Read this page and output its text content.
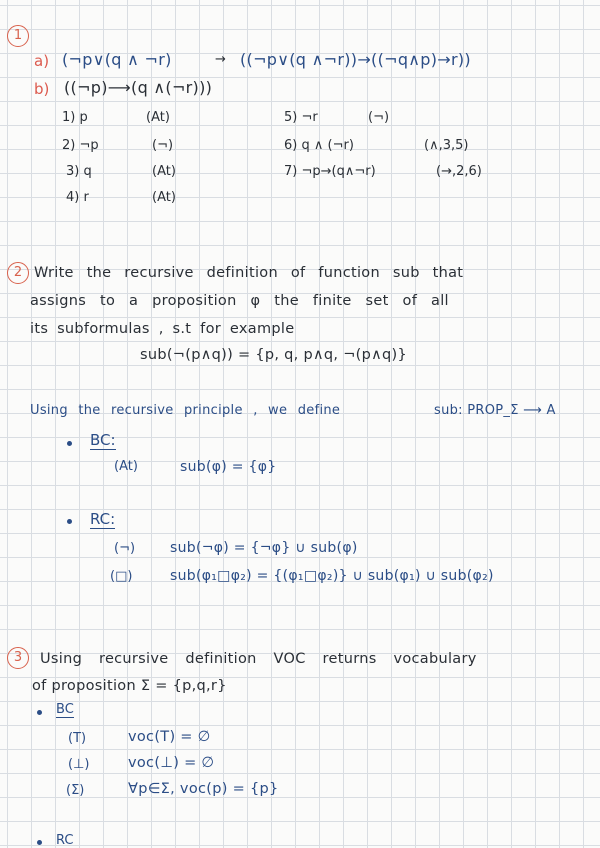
1
a) (¬p∨(q ∧ ¬r)	→ ((¬p∨(q ∧¬r))→((¬q∧p)→r))
b) ((¬p)⟶(q ∧(¬r)))
1) p	(At)
2) ¬p	(¬)
3) q	(At)
4) r	(At)
5) ¬r	(¬)
6) q ∧ (¬r)	(∧,3,5)
7) ¬p→(q∧¬r)	(→,2,6)
2 Write the recursive definition of function sub that
assigns to a proposition φ the finite set of all
its subformulas , s.t for example
sub(¬(p∧q)) = {p, q, p∧q, ¬(p∧q)}
Using the recursive principle , we define	sub: PROP_Σ ⟶ A
BC:
(At)	sub(φ) = {φ}
RC:
(¬) sub(¬φ) = {¬φ} ∪ sub(φ)
(□)	sub(φ₁□φ₂) = {(φ₁□φ₂)} ∪ sub(φ₁) ∪ sub(φ₂)
3	Using recursive definition VOC returns vocabulary
of proposition Σ = {p,q,r}
BC
(T)	voc(T) = ∅
(⊥)	voc(⊥) = ∅
(Σ)	∀p∈Σ, voc(p) = {p}
RC
